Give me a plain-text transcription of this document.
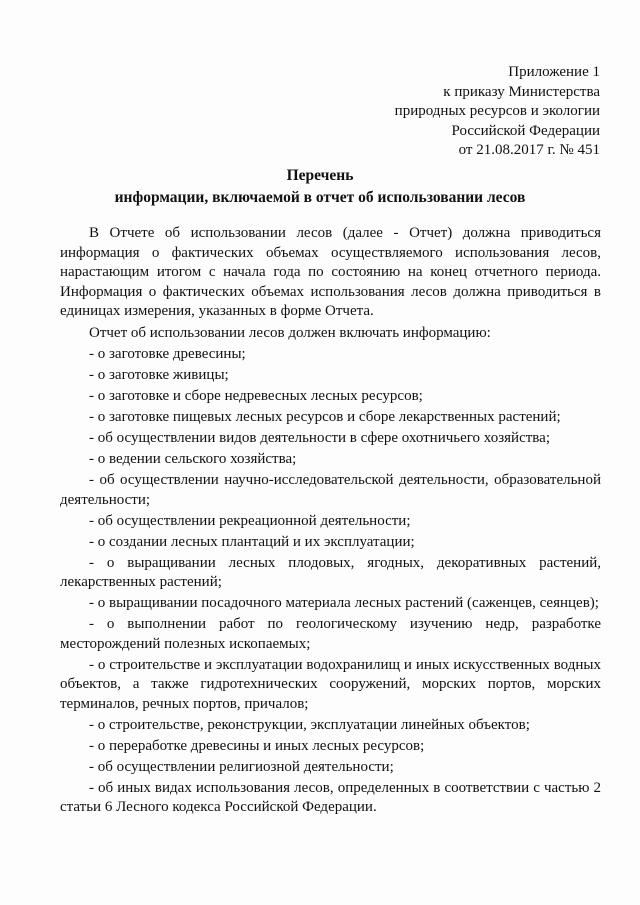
Приложение 1
к приказу Министерства
природных ресурсов и экологии
Российской Федерации
от 21.08.2017 г. № 451
Перечень
информации, включаемой в отчет об использовании лесов

В Отчете об использовании лесов (далее - Отчет) должна приводиться информация о фактических объемах осуществляемого использования лесов, нарастающим итогом с начала года по состоянию на конец отчетного периода. Информация о фактических объемах использования лесов должна приводиться в единицах измерения, указанных в форме Отчета.

Отчет об использовании лесов должен включать информацию:

- о заготовке древесины;

- о заготовке живицы;

- о заготовке и сборе недревесных лесных ресурсов;

- о заготовке пищевых лесных ресурсов и сборе лекарственных растений;

- об осуществлении видов деятельности в сфере охотничьего хозяйства;

- о ведении сельского хозяйства;

- об осуществлении научно-исследовательской деятельности, образовательной деятельности;

- об осуществлении рекреационной деятельности;

- о создании лесных плантаций и их эксплуатации;

- о выращивании лесных плодовых, ягодных, декоративных растений, лекарственных растений;

- о выращивании посадочного материала лесных растений (саженцев, сеянцев);

- о выполнении работ по геологическому изучению недр, разработке месторождений полезных ископаемых;

- о строительстве и эксплуатации водохранилищ и иных искусственных водных объектов, а также гидротехнических сооружений, морских портов, морских терминалов, речных портов, причалов;

- о строительстве, реконструкции, эксплуатации линейных объектов;

- о переработке древесины и иных лесных ресурсов;

- об осуществлении религиозной деятельности;

- об иных видах использования лесов, определенных в соответствии с частью 2 статьи 6 Лесного кодекса Российской Федерации.
